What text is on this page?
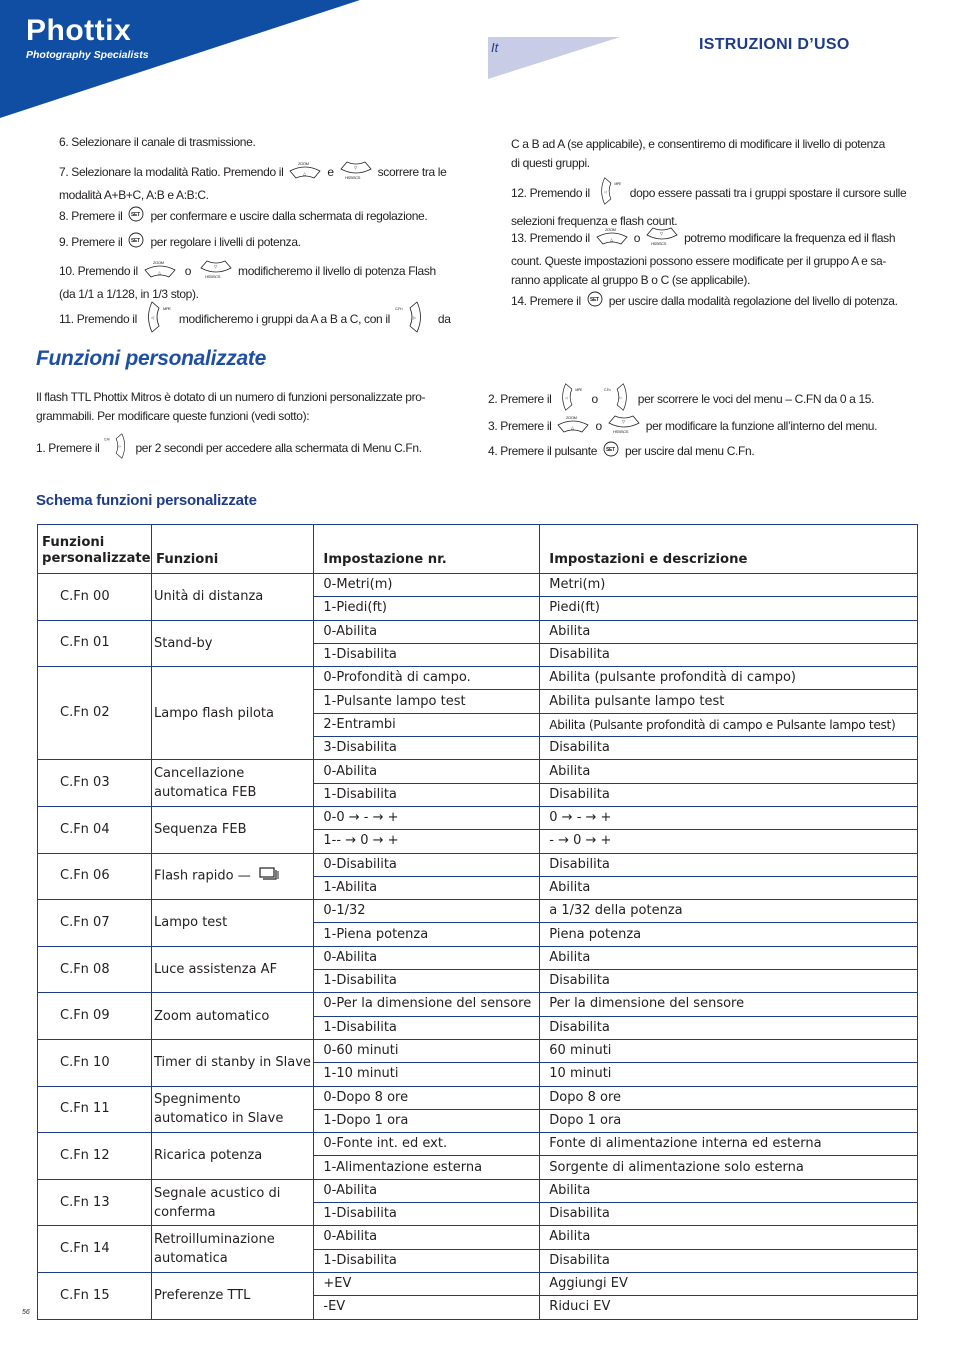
Phottix
Photography Specialists	It	ISTRUZIONI D’USO
6. Selezionare il canale di trasmissione.
7. Selezionare la modalità Ratio. Premendo il
ZOOM
△ e	▽
HSS/SCS scorrere tra le
modalità A+B+C, A:B e A:B:C.
8. Premere il SET per confermare e uscire dalla schermata di regolazione.
9. Premere il SET per regolare i livelli di potenza.
10. Premendo il
ZOOM
△ o	▽
HSS/SCS modificheremo il livello di potenza Flash
(da 1/1 a 1/128, in 1/3 stop).
11. Premendo il	◁
MPE
modificheremo i gruppi da A a B a C, con il
C.Fn
▷ da
C a B ad A (se applicabile), e consentiremo di modificare il livello di potenza
di questi gruppi.
12. Premendo il	◁
MPE
dopo essere passati tra i gruppi spostare il cursore sulle
selezioni frequenza e flash count.
13. Premendo il
ZOOM
△ o	▽
HSS/SCS potremo modificare la frequenza ed il flash
count. Queste impostazioni possono essere modificate per il gruppo A e sa-
ranno applicate al gruppo B o C (se applicabile).
14. Premere il SET per uscire dalla modalità regolazione del livello di potenza.
Funzioni personalizzate
Il flash TTL Phottix Mitros è dotato di un numero di funzioni personalizzate pro-
grammabili. Per modificare queste funzioni (vedi sotto):
1. Premere il
C.Fn
▷ per 2 secondi per accedere alla schermata di Menu C.Fn.
2. Premere il	◁
MPE
o
C.Fn
▷ per scorrere le voci del menu – C.FN da 0 a 15.
3. Premere il
ZOOM
△ o	▽
HSS/SCS per modificare la funzione all’interno del menu.
4. Premere il pulsante SET per uscire dal menu C.Fn.
Schema funzioni personalizzate
Funzioni personalizzate	Funzioni	Impostazione nr.	Impostazioni e descrizione
C.Fn 00	Unità di distanza	0-Metri(m)	Metri(m)
		1-Piedi(ft)	Piedi(ft)
C.Fn 01	Stand-by	0-Abilita	Abilita
		1-Disabilita	Disabilita
C.Fn 02	Lampo flash pilota	0-Profondità di campo.	Abilita (pulsante profondità di campo)
		1-Pulsante lampo test	Abilita pulsante lampo test
		2-Entrambi	Abilita (Pulsante profondità di campo e Pulsante lampo test)
		3-Disabilita	Disabilita
C.Fn 03	Cancellazione automatica FEB	0-Abilita	Abilita
		1-Disabilita	Disabilita
C.Fn 04	Sequenza FEB	0-0 → - → +	0 → - → +
		1-- → 0 → +	- → 0 → +
C.Fn 06	Flash rapido —	0-Disabilita	Disabilita
		1-Abilita	Abilita
C.Fn 07	Lampo test	0-1/32	a 1/32 della potenza
		1-Piena potenza	Piena potenza
C.Fn 08	Luce assistenza AF	0-Abilita	Abilita
		1-Disabilita	Disabilita
C.Fn 09	Zoom automatico	0-Per la dimensione del sensore	Per la dimensione del sensore
		1-Disabilita	Disabilita
C.Fn 10	Timer di stanby in Slave	0-60 minuti	60 minuti
		1-10 minuti	10 minuti
C.Fn 11	Spegnimento automatico in Slave	0-Dopo 8 ore	Dopo 8 ore
		1-Dopo 1 ora	Dopo 1 ora
C.Fn 12	Ricarica potenza	0-Fonte int. ed ext.	Fonte di alimentazione interna ed esterna
		1-Alimentazione esterna	Sorgente di alimentazione solo esterna
C.Fn 13	Segnale acustico di conferma	0-Abilita	Abilita
		1-Disabilita	Disabilita
C.Fn 14	Retroilluminazione automatica	0-Abilita	Abilita
		1-Disabilita	Disabilita
C.Fn 15	Preferenze TTL	+EV	Aggiungi EV
		-EV	Riduci EV
56
